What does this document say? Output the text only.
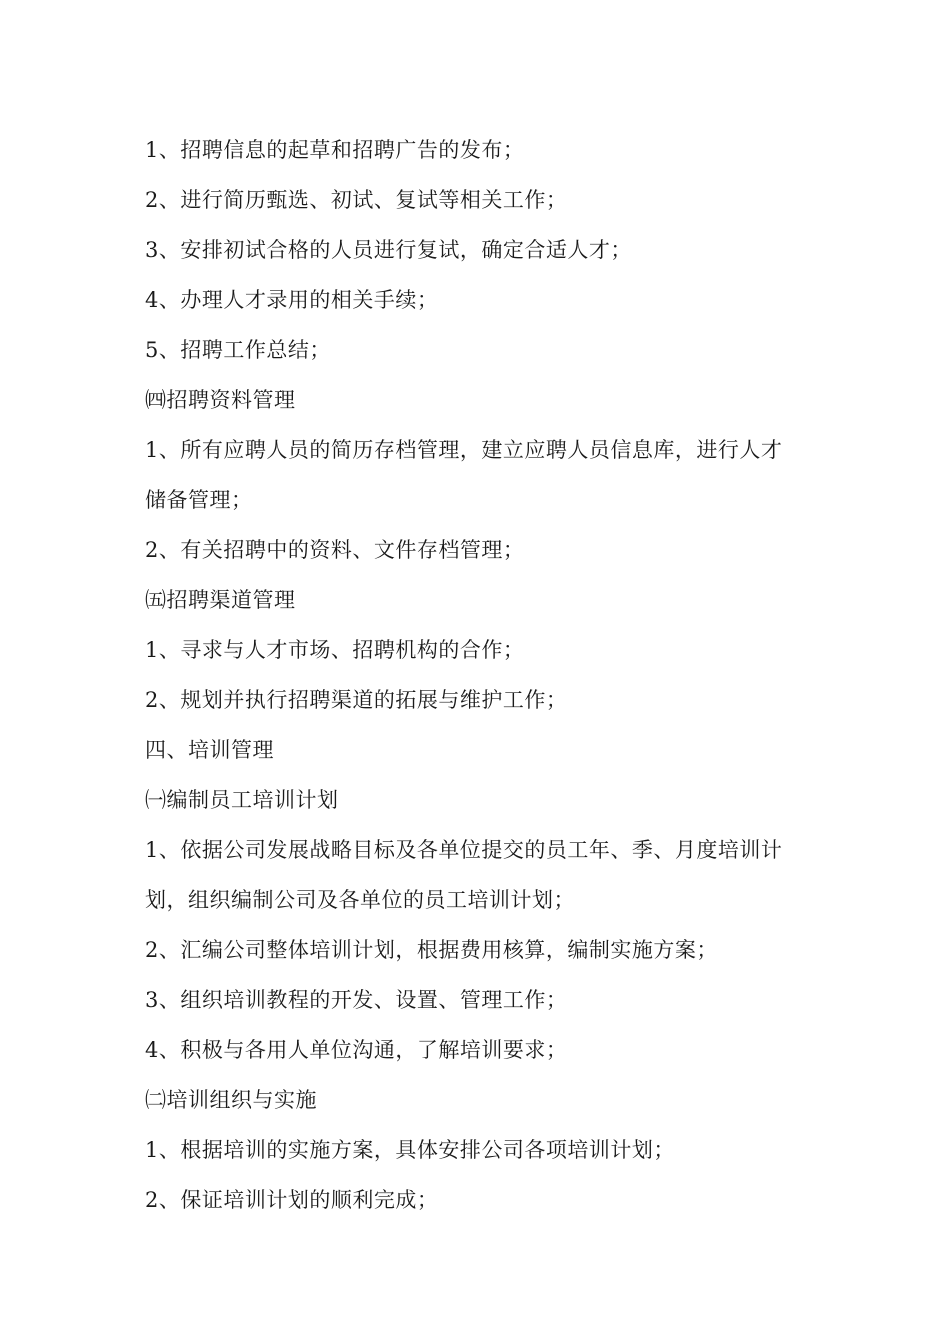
1、招聘信息的起草和招聘广告的发布；
2、进行简历甄选、初试、复试等相关工作；
3、安排初试合格的人员进行复试，确定合适人才；
4、办理人才录用的相关手续；
5、招聘工作总结；
㈣招聘资料管理
1、所有应聘人员的简历存档管理，建立应聘人员信息库，进行人才
储备管理；
2、有关招聘中的资料、文件存档管理；
㈤招聘渠道管理
1、寻求与人才市场、招聘机构的合作；
2、规划并执行招聘渠道的拓展与维护工作；
四、培训管理
㈠编制员工培训计划
1、依据公司发展战略目标及各单位提交的员工年、季、月度培训计
划，组织编制公司及各单位的员工培训计划；
2、汇编公司整体培训计划，根据费用核算，编制实施方案；
3、组织培训教程的开发、设置、管理工作；
4、积极与各用人单位沟通，了解培训要求；
㈡培训组织与实施
1、根据培训的实施方案，具体安排公司各项培训计划；
2、保证培训计划的顺利完成；
